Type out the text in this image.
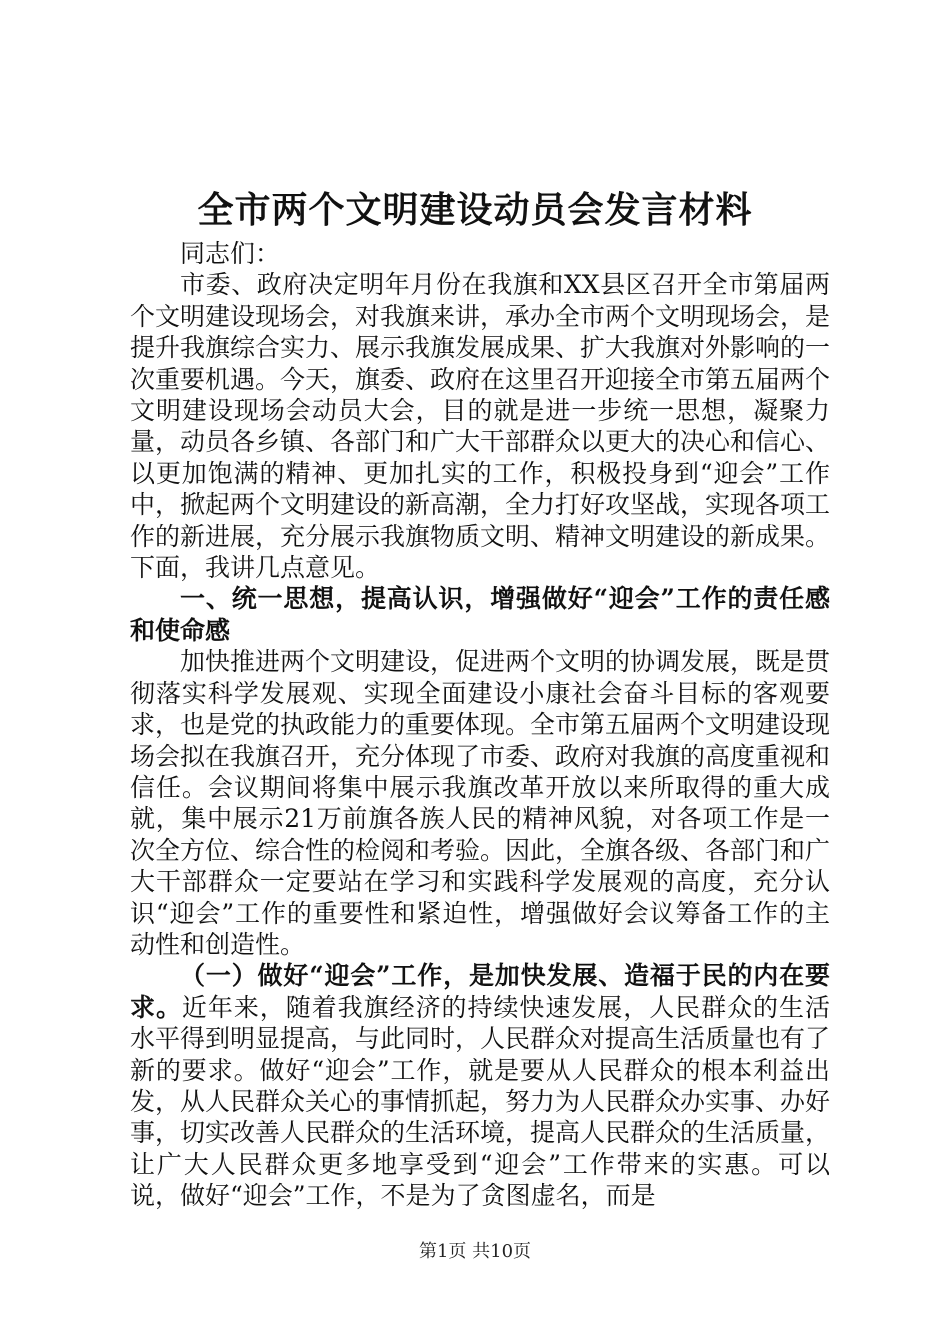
全市两个文明建设动员会发言材料

同志们：

市委、政府决定明年月份在我旗和XX县区召开全市第届两个文明建设现场会，对我旗来讲，承办全市两个文明现场会，是提升我旗综合实力、展示我旗发展成果、扩大我旗对外影响的一次重要机遇。今天，旗委、政府在这里召开迎接全市第五届两个文明建设现场会动员大会，目的就是进一步统一思想，凝聚力量，动员各乡镇、各部门和广大干部群众以更大的决心和信心、以更加饱满的精神、更加扎实的工作，积极投身到“迎会”工作中，掀起两个文明建设的新高潮，全力打好攻坚战，实现各项工作的新进展，充分展示我旗物质文明、精神文明建设的新成果。下面，我讲几点意见。

一、统一思想，提高认识，增强做好“迎会”工作的责任感和使命感

加快推进两个文明建设，促进两个文明的协调发展，既是贯彻落实科学发展观、实现全面建设小康社会奋斗目标的客观要求，也是党的执政能力的重要体现。全市第五届两个文明建设现场会拟在我旗召开，充分体现了市委、政府对我旗的高度重视和信任。会议期间将集中展示我旗改革开放以来所取得的重大成就，集中展示21万前旗各族人民的精神风貌，对各项工作是一次全方位、综合性的检阅和考验。因此，全旗各级、各部门和广大干部群众一定要站在学习和实践科学发展观的高度，充分认识“迎会”工作的重要性和紧迫性，增强做好会议筹备工作的主动性和创造性。

（一）做好“迎会”工作，是加快发展、造福于民的内在要求。近年来，随着我旗经济的持续快速发展，人民群众的生活水平得到明显提高，与此同时，人民群众对提高生活质量也有了新的要求。做好“迎会”工作，就是要从人民群众的根本利益出发，从人民群众关心的事情抓起，努力为人民群众办实事、办好事，切实改善人民群众的生活环境，提高人民群众的生活质量，让广大人民群众更多地享受到“迎会”工作带来的实惠。可以说，做好“迎会”工作，不是为了贪图虚名，而是

第1页 共10页
